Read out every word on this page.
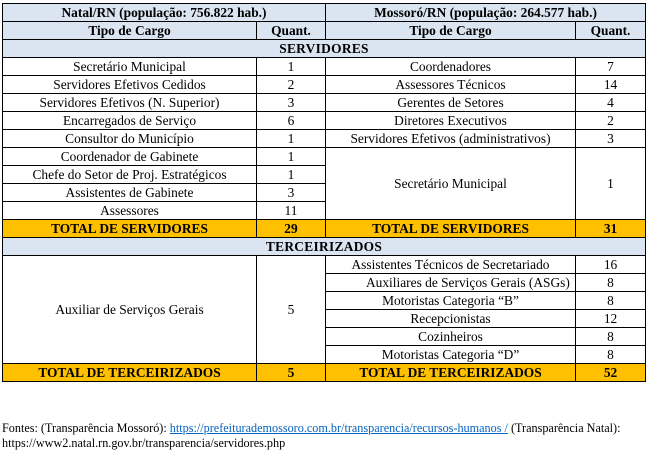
Natal/RN (população: 756.822 hab.)		Mossoró/RN (população: 264.577 hab.)	
Tipo de Cargo	Quant.	Tipo de Cargo	Quant.
SERVIDORES			
Secretário Municipal	1	Coordenadores	7
Servidores Efetivos Cedidos	2	Assessores Técnicos	14
Servidores Efetivos (N. Superior)	3	Gerentes de Setores	4
Encarregados de Serviço	6	Diretores Executivos	2
Consultor do Município	1	Servidores Efetivos (administrativos)	3
Coordenador de Gabinete	1	Secretário Municipal	1
Chefe do Setor de Proj. Estratégicos	1		
Assistentes de Gabinete	3		
Assessores	11		
TOTAL DE SERVIDORES	29	TOTAL DE SERVIDORES	31
TERCEIRIZADOS			
Auxiliar de Serviços Gerais	5	Assistentes Técnicos de Secretariado	16
		Auxiliares de Serviços Gerais (ASGs)	8

		Motoristas Categoria “B”	8
		Recepcionistas	12
		Cozinheiros	8
		Motoristas Categoria “D”	8
TOTAL DE TERCEIRIZADOS	5	TOTAL DE TERCEIRIZADOS	52
Fontes: (Transparência Mossoró): https://prefeiturademossoro.com.br/transparencia/recursos-humanos / (Transparência Natal): https://www2.natal.rn.gov.br/transparencia/servidores.php
